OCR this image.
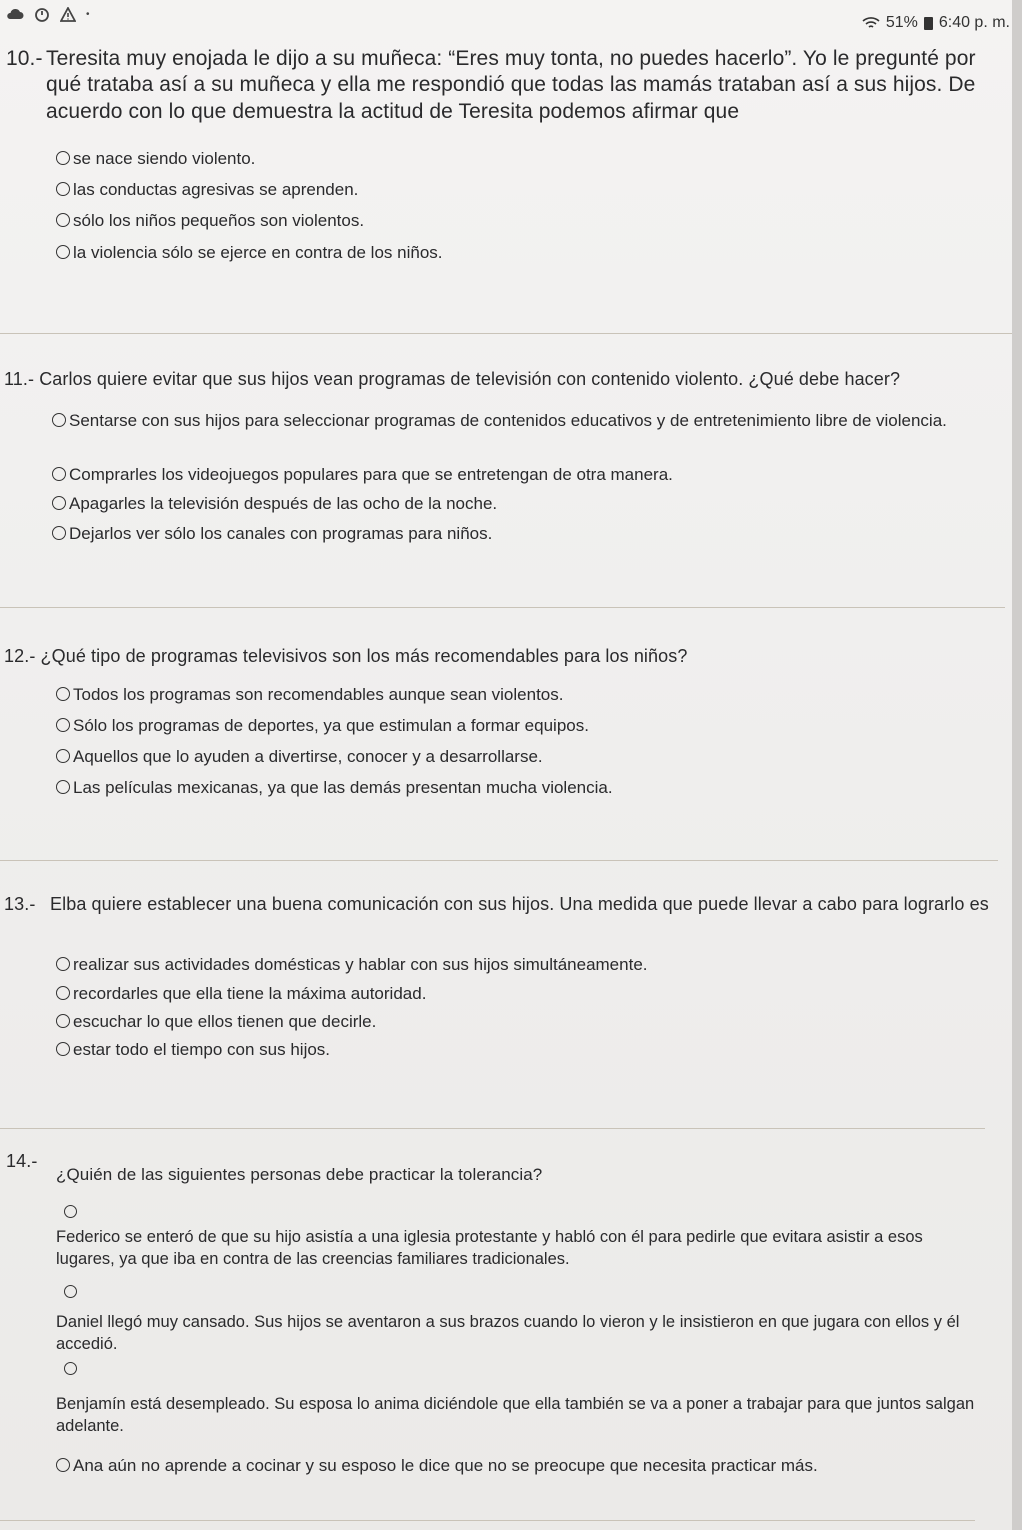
•	51% 6:40 p. m.
10.- Teresita muy enojada le dijo a su muñeca: “Eres muy tonta, no puedes hacerlo”. Yo le pregunté por qué trataba así a su muñeca y ella me respondió que todas las mamás trataban así a sus hijos. De acuerdo con lo que demuestra la actitud de Teresita podemos afirmar que
se nace siendo violento.
las conductas agresivas se aprenden.
sólo los niños pequeños son violentos.
la violencia sólo se ejerce en contra de los niños.
11.- Carlos quiere evitar que sus hijos vean programas de televisión con contenido violento. ¿Qué debe hacer?
Sentarse con sus hijos para seleccionar programas de contenidos educativos y de entretenimiento libre de violencia.
Comprarles los videojuegos populares para que se entretengan de otra manera.
Apagarles la televisión después de las ocho de la noche.
Dejarlos ver sólo los canales con programas para niños.
12.- ¿Qué tipo de programas televisivos son los más recomendables para los niños?
Todos los programas son recomendables aunque sean violentos.
Sólo los programas de deportes, ya que estimulan a formar equipos.
Aquellos que lo ayuden a divertirse, conocer y a desarrollarse.
Las películas mexicanas, ya que las demás presentan mucha violencia.
13.- Elba quiere establecer una buena comunicación con sus hijos. Una medida que puede llevar a cabo para lograrlo es
realizar sus actividades domésticas y hablar con sus hijos simultáneamente.
recordarles que ella tiene la máxima autoridad.
escuchar lo que ellos tienen que decirle.
estar todo el tiempo con sus hijos.
14.-
¿Quién de las siguientes personas debe practicar la tolerancia?
Federico se enteró de que su hijo asistía a una iglesia protestante y habló con él para pedirle que evitara asistir a esos lugares, ya que iba en contra de las creencias familiares tradicionales.
Daniel llegó muy cansado. Sus hijos se aventaron a sus brazos cuando lo vieron y le insistieron en que jugara con ellos y él accedió.
Benjamín está desempleado. Su esposa lo anima diciéndole que ella también se va a poner a trabajar para que juntos salgan adelante.
Ana aún no aprende a cocinar y su esposo le dice que no se preocupe que necesita practicar más.
